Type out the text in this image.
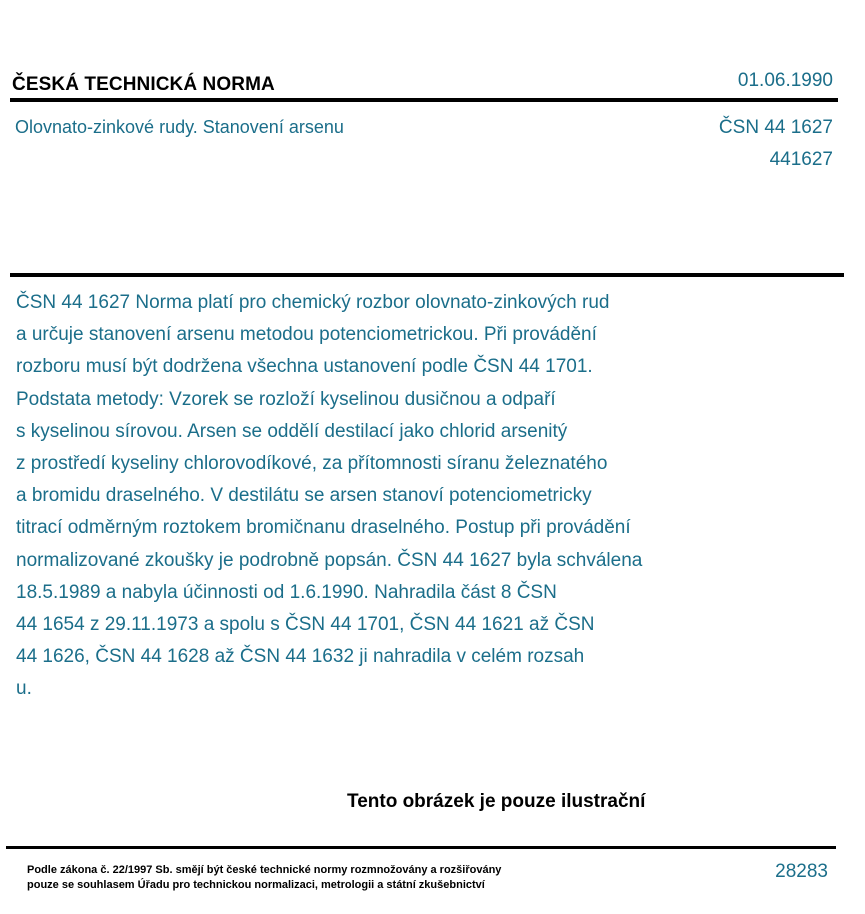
ČESKÁ TECHNICKÁ NORMA	01.06.1990
Olovnato-zinkové rudy. Stanovení arsenu	ČSN 44 1627
441627
ČSN 44 1627 Norma platí pro chemický rozbor olovnato-zinkových rud
a určuje stanovení arsenu metodou potenciometrickou. Při provádění
rozboru musí být dodržena všechna ustanovení podle ČSN 44 1701.
Podstata metody: Vzorek se rozloží kyselinou dusičnou a odpaří
s kyselinou sírovou. Arsen se oddělí destilací jako chlorid arsenitý
z prostředí kyseliny chlorovodíkové, za přítomnosti síranu železnatého
a bromidu draselného. V destilátu se arsen stanoví potenciometricky
titrací odměrným roztokem bromičnanu draselného. Postup při provádění
normalizované zkoušky je podrobně popsán. ČSN 44 1627 byla schválena
18.5.1989 a nabyla účinnosti od 1.6.1990. Nahradila část 8 ČSN
44 1654 z 29.11.1973 a spolu s ČSN 44 1701, ČSN 44 1621 až ČSN
44 1626, ČSN 44 1628 až ČSN 44 1632 ji nahradila v celém rozsah
u.
Tento obrázek je pouze ilustrační
Podle zákona č. 22/1997 Sb. smějí být české technické normy rozmnožovány a rozšiřovány
pouze se souhlasem Úřadu pro technickou normalizaci, metrologii a státní zkušebnictví
28283
